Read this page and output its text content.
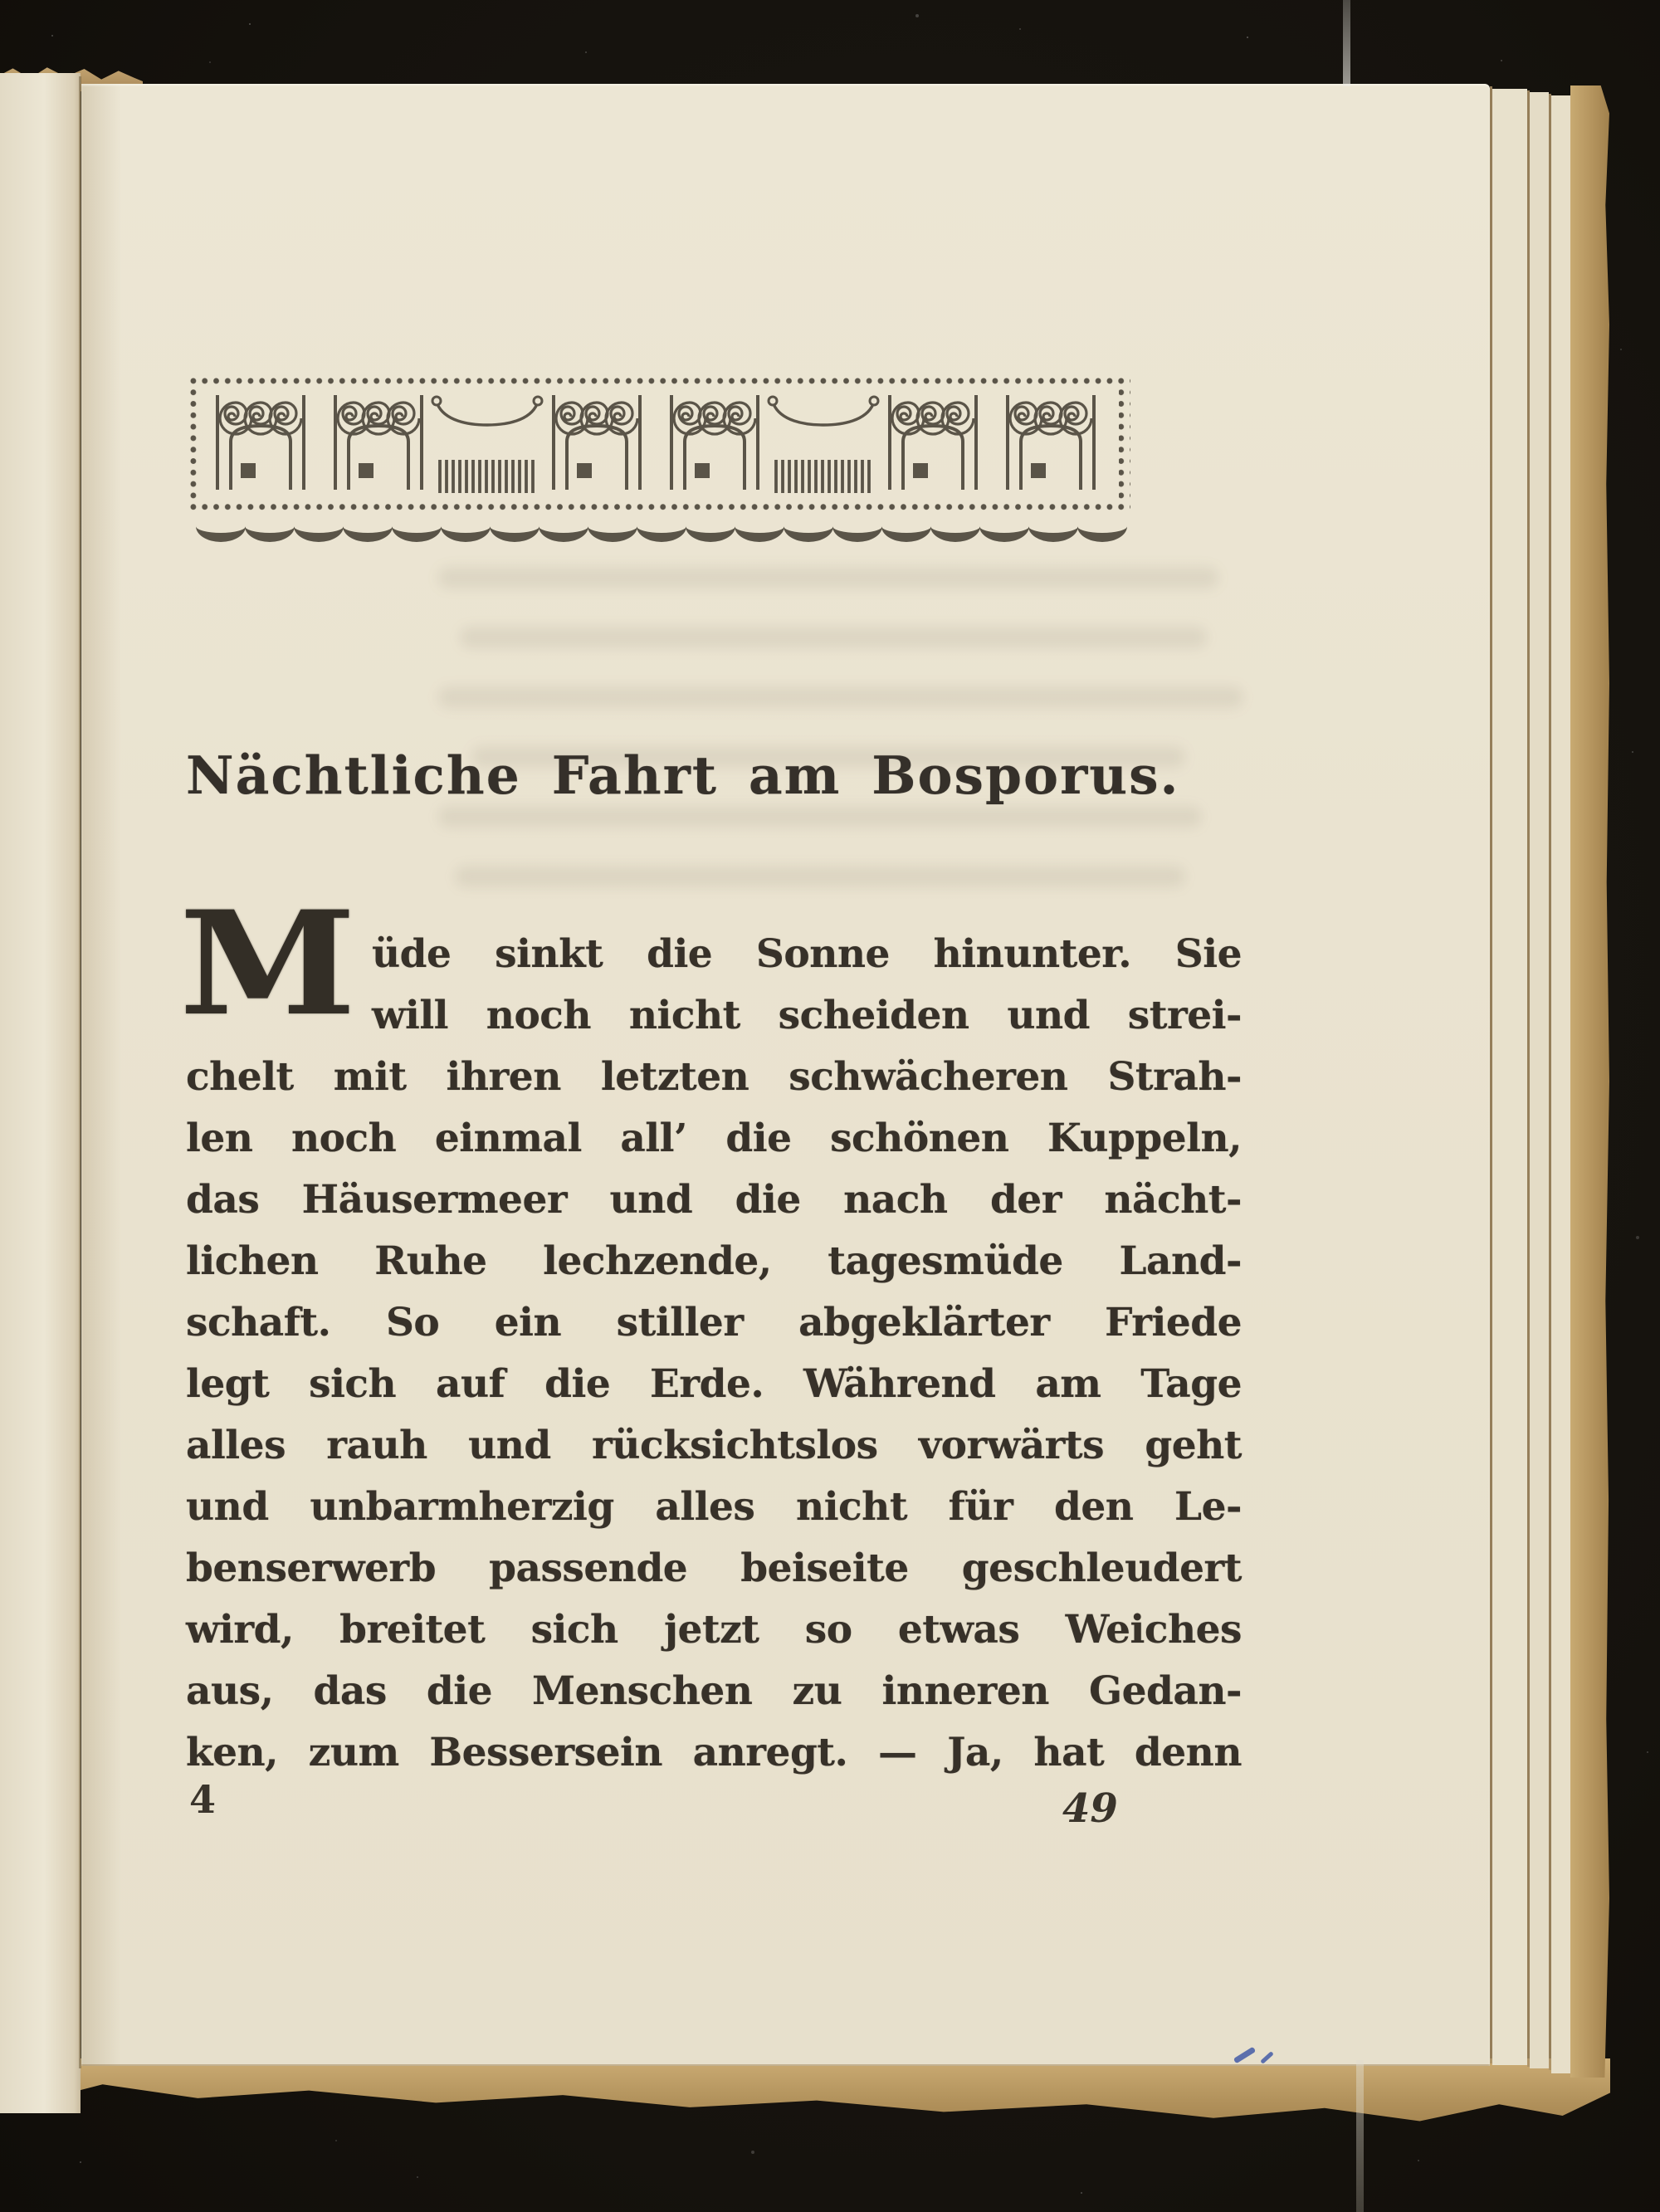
Nächtliche Fahrt am Bosporus.
M üde sinkt die Sonne hinunter. Sie
will noch nicht scheiden und strei-
chelt mit ihren letzten schwächeren Strah-
len noch einmal all’ die schönen Kuppeln,
das Häusermeer und die nach der nächt-
lichen Ruhe lechzende, tagesmüde Land-
schaft. So ein stiller abgeklärter Friede
legt sich auf die Erde. Während am Tage
alles rauh und rücksichtslos vorwärts geht
und unbarmherzig alles nicht für den Le-
benserwerb passende beiseite geschleudert
wird, breitet sich jetzt so etwas Weiches
aus, das die Menschen zu inneren Gedan-
ken, zum Bessersein anregt. — Ja, hat denn
4	49
